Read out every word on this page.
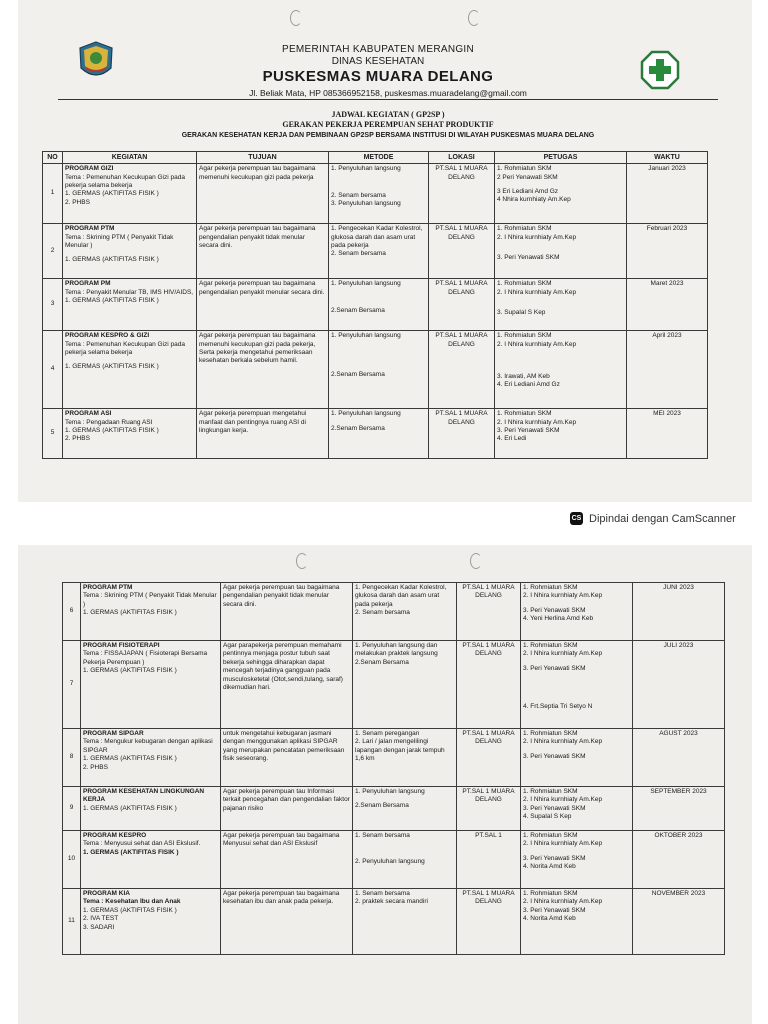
PEMERINTAH KABUPATEN MERANGIN
DINAS KESEHATAN
PUSKESMAS MUARA DELANG
Jl. Beliak Mata, HP 085366952158, puskesmas.muaradelang@gmail.com
JADWAL KEGIATAN ( GP2SP )
GERAKAN PEKERJA PEREMPUAN SEHAT PRODUKTIF
GERAKAN KESEHATAN KERJA DAN PEMBINAAN GP2SP BERSAMA INSTITUSI DI WILAYAH PUSKESMAS MUARA DELANG
NO	KEGIATAN	TUJUAN	METODE	LOKASI	PETUGAS	WAKTU
1	PROGRAM GIZI
Tema : Pemenuhan Kecukupan Gizi pada pekerja selama bekerja
1. GERMAS (AKTIFITAS FISIK )
2. PHBS	Agar pekerja perempuan tau bagaimana memenuhi kecukupan gizi pada pekerja	1. Penyuluhan langsung
2. Senam bersama
3. Penyuluhan langsung	PT.SAL 1 MUARA DELANG	1. Rohmiatun SKM
2 Peri Yenawati SKM
3 Eri Lediani Amd Gz
4 Nhira kurnhiaty Am.Kep	Januari 2023
2	PROGRAM PTM
Tema : Skrining PTM ( Penyakit Tidak Menular )
1. GERMAS (AKTIFITAS FISIK )	Agar pekerja perempuan tau bagaimana pengendalian penyakit tidak menular secara dini.	1. Pengecekan Kadar Kolestrol, glukosa darah dan asam urat pada pekerja
2. Senam bersama	PT.SAL 1 MUARA DELANG	1. Rohmiatun SKM
2. I Nhira kurnhiaty Am.Kep
3. Peri Yenawati SKM	Februari 2023
3	PROGRAM PM
Tema : Penyakit Menular TB, IMS HIV/AIDS,
1. GERMAS (AKTIFITAS FISIK )	Agar pekerja perempuan tau bagaimana pengendalian penyakit menular secara dini.	1. Penyuluhan langsung
2.Senam Bersama	PT.SAL 1 MUARA DELANG	1. Rohmiatun SKM
2. I Nhira kurnhiaty Am.Kep
3. Supalal S Kep	Maret 2023
4	PROGRAM KESPRO & GIZI
Tema : Pemenuhan Kecukupan Gizi pada pekerja selama bekerja
1. GERMAS (AKTIFITAS FISIK )	Agar pekerja perempuan tau bagaimana memenuhi kecukupan gizi pada pekerja, Serta pekerja mengetahui pemeriksaan kesehatan berkala sebelum hamil.	1. Penyuluhan langsung
2.Senam Bersama	PT.SAL 1 MUARA DELANG	1. Rohmiatun SKM
2. I Nhira kurnhiaty Am.Kep
3. Irawati, AM Keb
4. Eri Lediani Amd Gz	April 2023
5	PROGRAM ASI
Tema : Pengadaan Ruang ASI
1. GERMAS (AKTIFITAS FISIK )
2. PHBS	Agar pekerja perempuan mengetahui manfaat dan pentingnya ruang ASI di lingkungan kerja.	1. Penyuluhan langsung
2.Senam Bersama	PT.SAL 1 MUARA DELANG	1. Rohmiatun SKM
2. I Nhira kurnhiaty Am.Kep
3. Peri Yenawati SKM
4. Eri Ledi	MEI 2023
CS Dipindai dengan CamScanner
6	PROGRAM PTM
Tema : Skrining PTM ( Penyakit Tidak Menular )
1. GERMAS (AKTIFITAS FISIK )	Agar pekerja perempuan tau bagaimana pengendalian penyakit tidak menular secara dini.	1. Pengecekan Kadar Kolestrol, glukosa darah dan asam urat pada pekerja
2. Senam bersama	PT.SAL 1 MUARA DELANG	1. Rohmiatun SKM
2. I Nhira kurnhiaty Am.Kep
3. Peri Yenawati SKM
4. Yeni Herlina Amd Keb	JUNI 2023
7	PROGRAM FISIOTERAPI
Tema : FISSAJAPAN ( Fisioterapi Bersama Pekerja Perempuan )
1. GERMAS (AKTIFITAS FISIK )	Agar parapekerja perempuan memahami pentinnya menjaga postur tubuh saat bekerja sehingga diharapkan dapat mencegah terjadinya gangguan pada musculosketetal (Otot,sendi,tulang, saraf) dikemudian hari.	1. Penyuluhan langsung dan melakukan praktek langsung
2.Senam Bersama	PT.SAL 1 MUARA DELANG	1. Rohmiatun SKM
2. I Nhira kurnhiaty Am.Kep
3. Peri Yenawati SKM
4. Frt.Septia Tri Setyo N	JULI 2023
8	PROGRAM SIPGAR
Tema : Mengukur kebugaran dengan aplikasi SIPGAR
1. GERMAS (AKTIFITAS FISIK )
2. PHBS	untuk mengetahui kebugaran jasmani dengan menggunakan aplikasi SIPGAR yang merupakan pencatatan pemeriksaan fisik seseorang.	1. Senam peregangan
2. Lari / jalan mengelilingi lapangan dengan jarak tempuh 1,6 km	PT.SAL 1 MUARA DELANG	1. Rohmiatun SKM
2. I Nhira kurnhiaty Am.Kep
3. Peri Yenawati SKM	AGUST 2023
9	PROGRAM KESEHATAN LINGKUNGAN KERJA
1. GERMAS (AKTIFITAS FISIK )	Agar pekerja perempuan tau Informasi terkait pencegahan dan pengendalian faktor pajanan risiko	1. Penyuluhan langsung
2.Senam Bersama	PT.SAL 1 MUARA DELANG	1. Rohmiatun SKM
2. I Nhira kurnhiaty Am.Kep
3. Peri Yenawati SKM
4. Supalal S Kep	SEPTEMBER 2023
10	PROGRAM KESPRO
Tema : Menyusui sehat dan ASI Ekslusif.
1. GERMAS (AKTIFITAS FISIK )	Agar pekerja perempuan tau bagaimana Menyusui sehat dan ASI Ekslusif	1. Senam bersama
2. Penyuluhan langsung	PT.SAL 1	1. Rohmiatun SKM
2. I Nhira kurnhiaty Am.Kep
3. Peri Yenawati SKM
4. Norita Amd Keb	OKTOBER 2023
11	PROGRAM KIA
Tema : Kesehatan Ibu dan Anak
1. GERMAS (AKTIFITAS FISIK )
2. IVA TEST
3. SADARI	Agar pekerja perempuan tau bagaimana kesehatan ibu dan anak pada pekerja.	1. Senam bersama
2. praktek secara mandiri	PT.SAL 1 MUARA DELANG	1. Rohmiatun SKM
2. I Nhira kurnhiaty Am.Kep
3. Peri Yenawati SKM
4. Norita Amd Keb	NOVEMBER 2023
